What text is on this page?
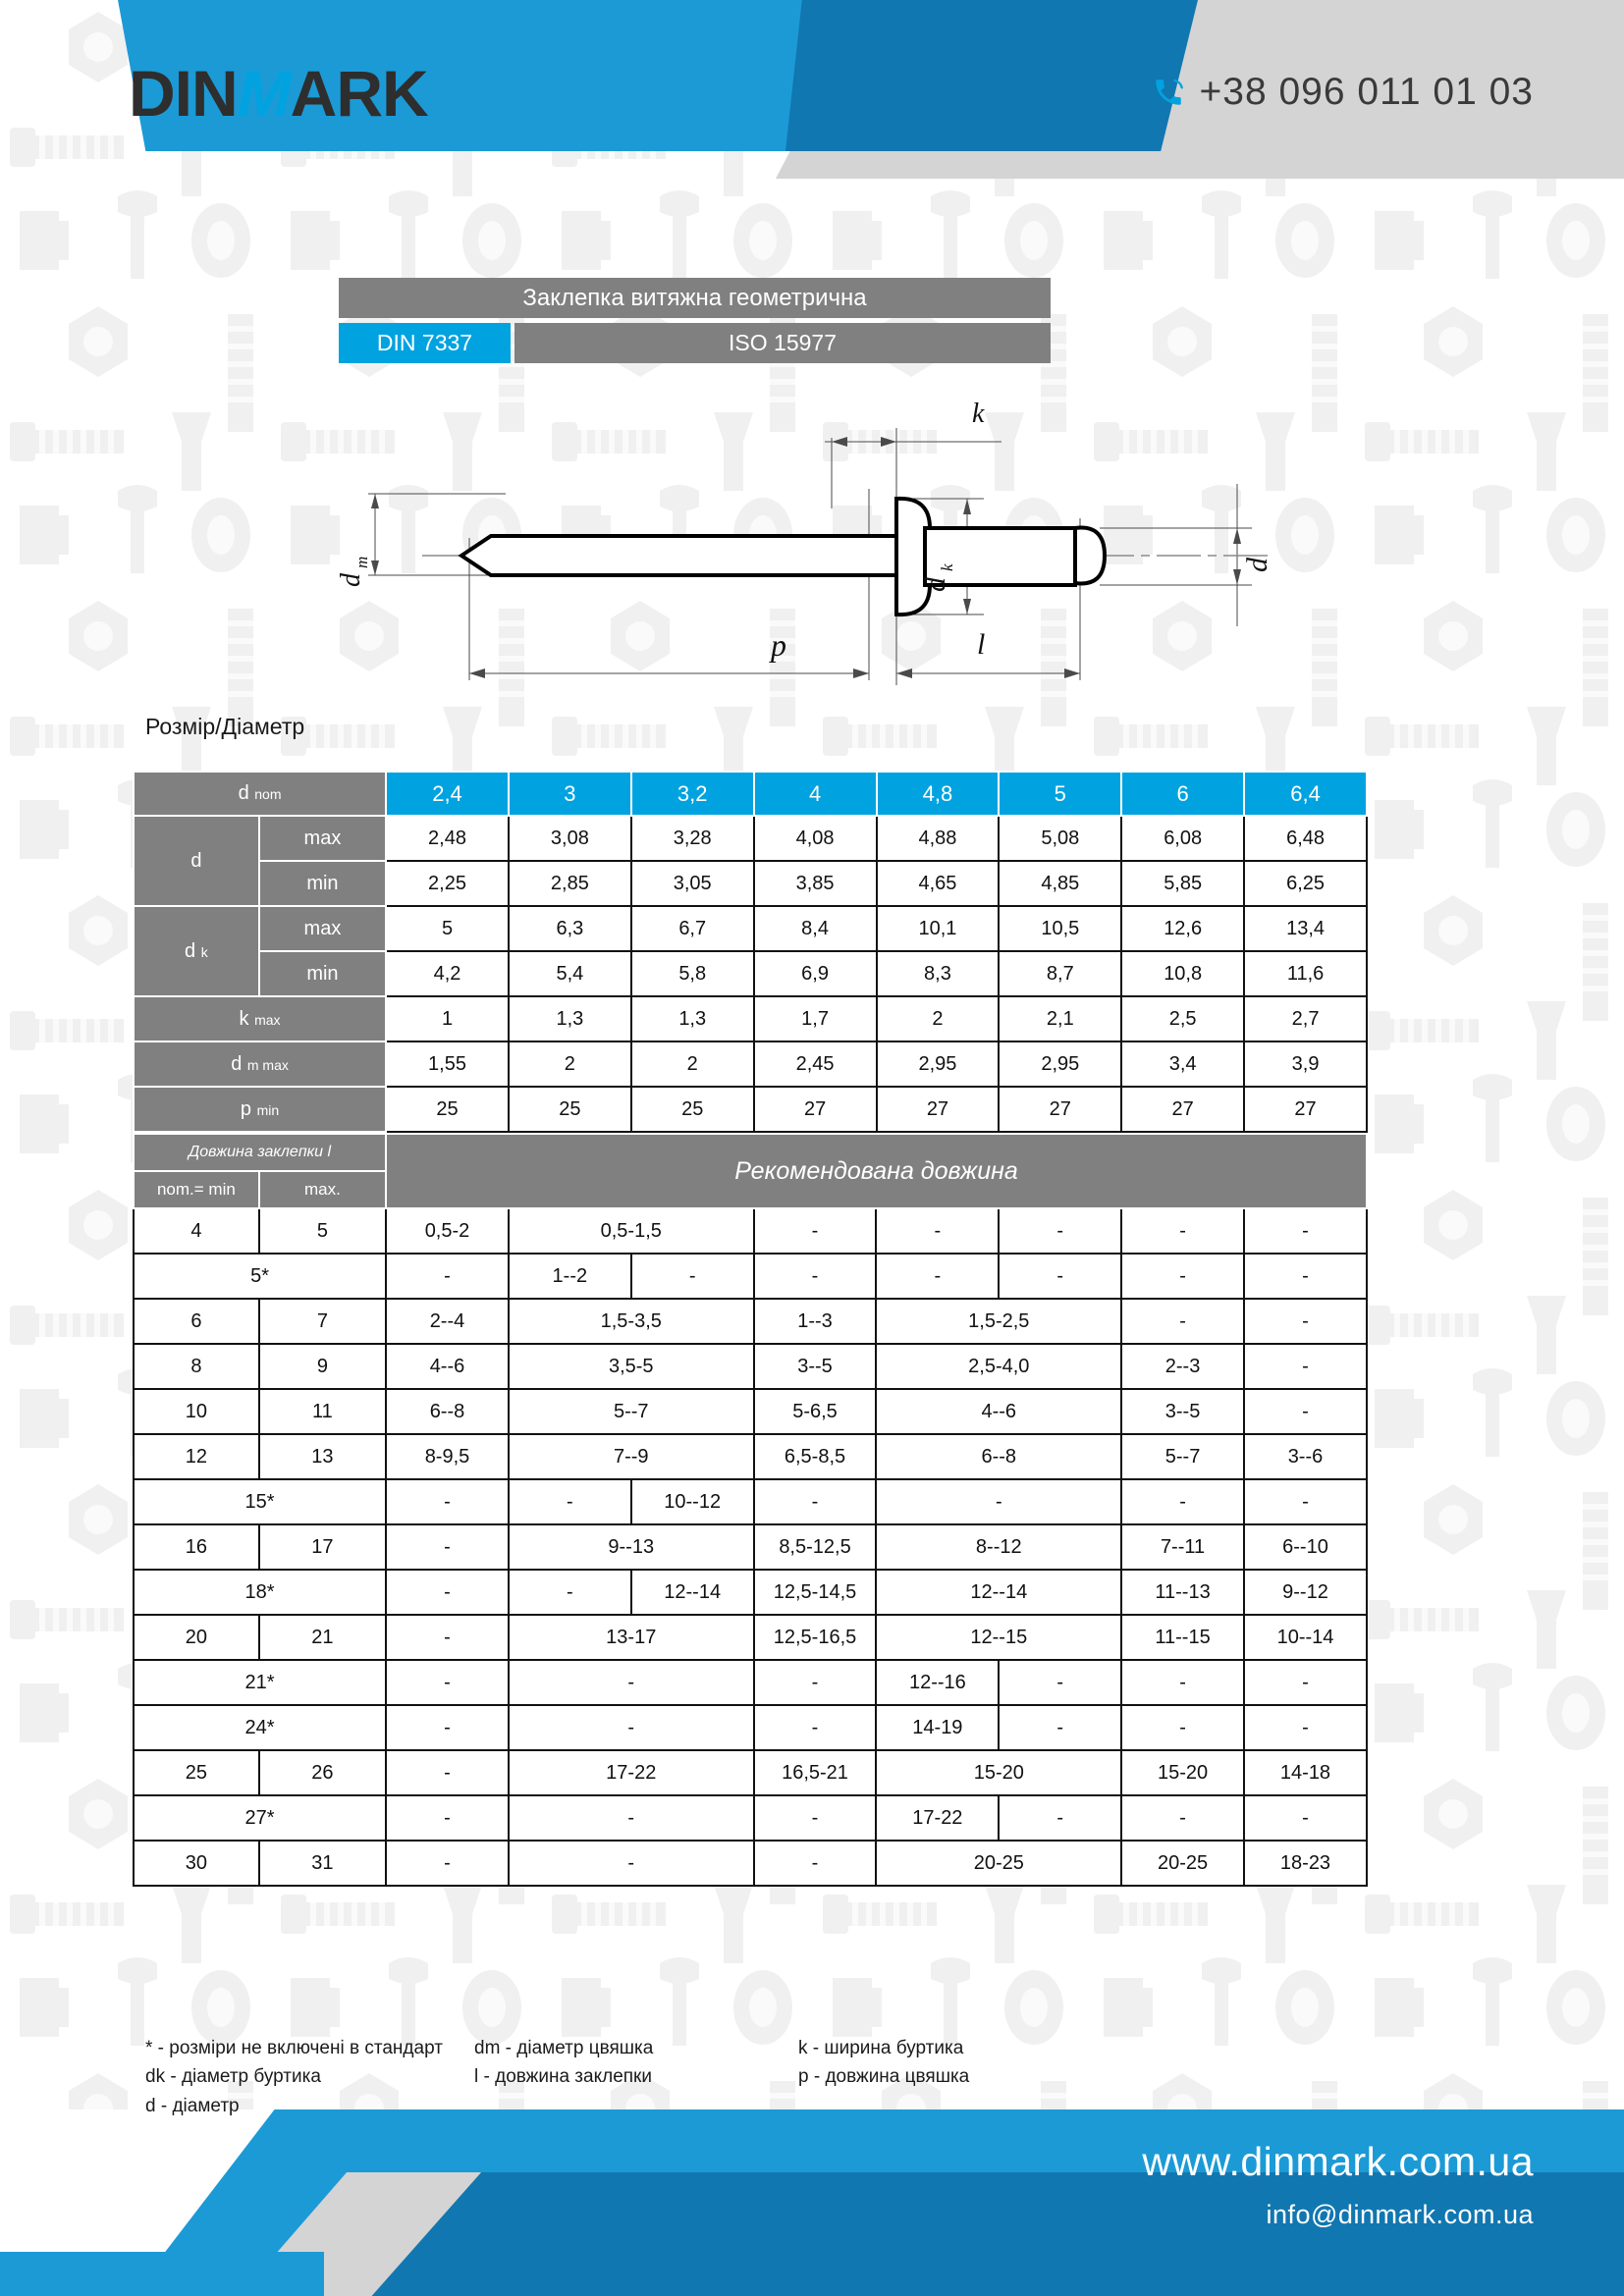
DINMARK	+38 096 011 01 03
Заклепка витяжна геометрична
DIN 7337	ISO 15977
k
p	l
d
m
d
k	d
Розмір/Діаметр
d nom		2,4	3	3,2	4	4,8	5	6	6,4
d	max	2,48	3,08	3,28	4,08	4,88	5,08	6,08	6,48
	min	2,25	2,85	3,05	3,85	4,65	4,85	5,85	6,25
d k	max	5	6,3	6,7	8,4	10,1	10,5	12,6	13,4
	min	4,2	5,4	5,8	6,9	8,3	8,7	10,8	11,6
k max		1	1,3	1,3	1,7	2	2,1	2,5	2,7
d m max		1,55	2	2	2,45	2,95	2,95	3,4	3,9
p min		25	25	25	27	27	27	27	27
Довжина заклепки l		Рекомендована довжина							
nom.= min	max.								
4	5	0,5-2	0,5-1,5		-	-	-	-	-
5*		-	1--2	-	-	-	-	-	-
6	7	2--4	1,5-3,5		1--3	1,5-2,5		-	-
8	9	4--6	3,5-5		3--5	2,5-4,0		2--3	-
10	11	6--8	5--7		5-6,5	4--6		3--5	-
12	13	8-9,5	7--9		6,5-8,5	6--8		5--7	3--6
15*		-	-	10--12	-	-		-	-
16	17	-	9--13		8,5-12,5	8--12		7--11	6--10
18*		-	-	12--14	12,5-14,5	12--14		11--13	9--12
20	21	-	13-17		12,5-16,5	12--15		11--15	10--14
21*		-	-		-	12--16	-	-	-
24*		-	-		-	14-19	-	-	-
25	26	-	17-22		16,5-21	15-20		15-20	14-18
27*		-	-		-	17-22	-	-	-
30	31	-	-		-	20-25		20-25	18-23
* - розміри не включені в стандарт
dk - діаметр буртика
d - діаметр
dm - діаметр цвяшка
l - довжина заклепки
k - ширина буртика
p - довжина цвяшка
www.dinmark.com.ua
info@dinmark.com.ua
